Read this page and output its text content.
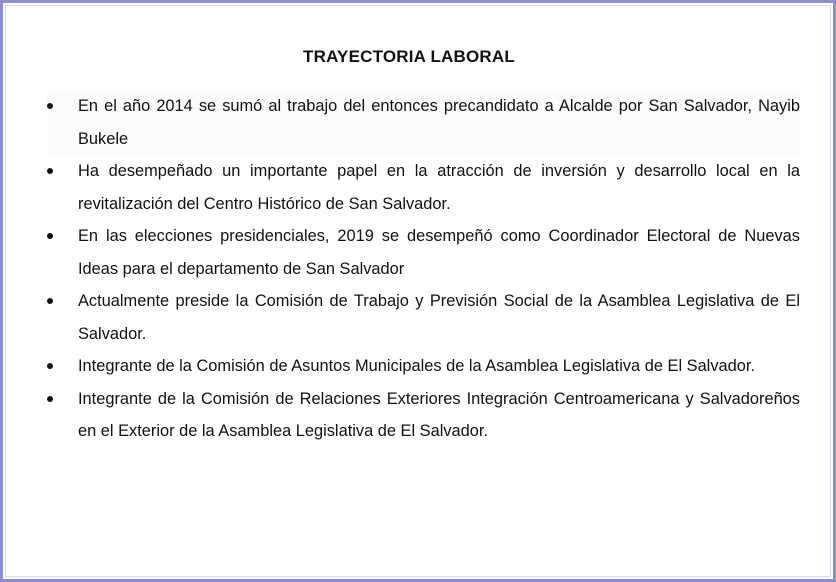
TRAYECTORIA LABORAL
En el año 2014 se sumó al trabajo del entonces precandidato a Alcalde por San Salvador, Nayib Bukele
Ha desempeñado un importante papel en la atracción de inversión y desarrollo local en la revitalización del Centro Histórico de San Salvador.
En las elecciones presidenciales, 2019 se desempeñó como Coordinador Electoral de Nuevas Ideas para el departamento de San Salvador
Actualmente preside la Comisión de Trabajo y Previsión Social de la Asamblea Legislativa de El Salvador.
Integrante de la Comisión de Asuntos Municipales de la Asamblea Legislativa de El Salvador.
Integrante de la Comisión de Relaciones Exteriores Integración Centroamericana y Salvadoreños en el Exterior de la Asamblea Legislativa de El Salvador.
